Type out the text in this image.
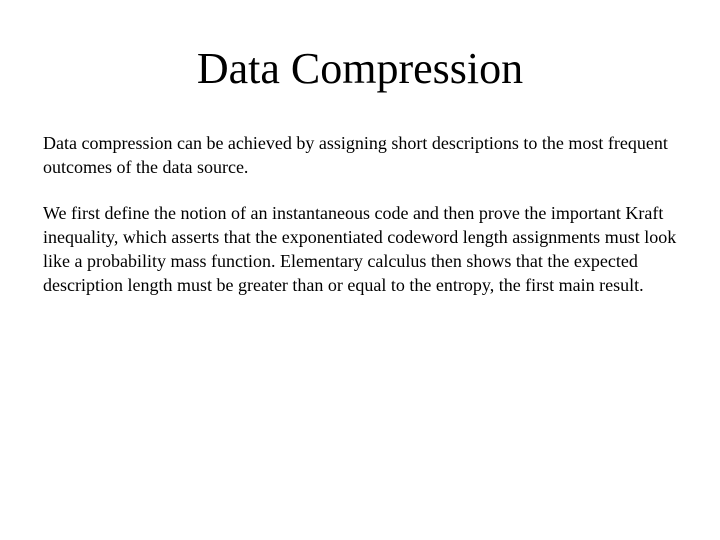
Data Compression

Data compression can be achieved by assigning short descriptions to the most frequent outcomes of the data source.

We first define the notion of an instantaneous code and then prove the important Kraft inequality, which asserts that the exponentiated codeword length assignments must look like a probability mass function. Elementary calculus then shows that the expected description length must be greater than or equal to the entropy, the first main result.
